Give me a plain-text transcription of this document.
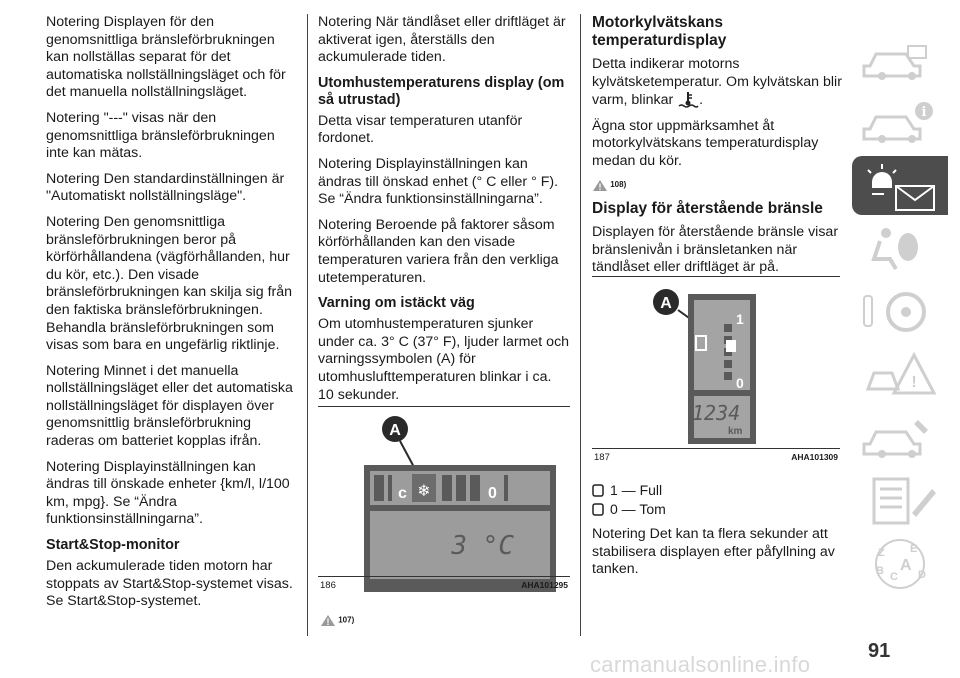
Notering Displayen för den genomsnittliga bränsleförbrukningen kan nollställas separat för det automatiska nollställningsläget och för det manuella nollställningsläget.

Notering "---" visas när den genomsnittliga bränsleförbrukningen inte kan mätas.

Notering Den standardinställningen är "Automatiskt nollställningsläge".

Notering Den genomsnittliga bränsleförbrukningen beror på körförhållandena (vägförhållanden, hur du kör, etc.). Den visade bränsleförbrukningen kan skilja sig från den faktiska bränsleförbrukningen. Behandla bränsleförbrukningen som visas som bara en ungefärlig riktlinje.

Notering Minnet i det manuella nollställningsläget eller det automatiska nollställningsläget för displayen över genomsnittlig bränsleförbrukning raderas om batteriet kopplas ifrån.

Notering Displayinställningen kan ändras till önskade enheter {km/l, l/100 km, mpg}. Se “Ändra funktionsinställningarna”.

Start&Stop-monitor

Den ackumulerade tiden motorn har stoppats av Start&Stop-systemet visas. Se Start&Stop-systemet.

Notering När tändlåset eller driftläget är aktiverat igen, återställs den ackumulerade tiden.

Utomhustemperaturens display (om så utrustad)

Detta visar temperaturen utanför fordonet.

Notering Displayinställningen kan ändras till önskad enhet (° C eller ° F). Se “Ändra funktionsinställningarna”.

Notering Beroende på faktorer såsom körförhållanden kan den visade temperaturen variera från den verkliga utetemperaturen.

Varning om istäckt väg

Om utomhustemperaturen sjunker under ca. 3° C (37° F), ljuder larmet och varningssymbolen (A) för utomhuslufttemperaturen blinkar i ca. 10 sekunder.

A
c ❄	0
3 °C
186	AHA101295
! 107)
Motorkylvätskans temperaturdisplay

Detta indikerar motorns kylvätsketemperatur. Om kylvätskan blir varm, blinkar .

Ägna stor uppmärksamhet åt motorkylvätskans temperaturdisplay medan du kör.

! 108)
Display för återstående bränsle

Displayen för återstående bränsle visar bränslenivån i bränsletanken när tändlåset eller driftläget är på.

A
1
0
1234
km
187	AHA101309
1 — Full
0 — Tom

Notering Det kan ta flera sekunder att stabilisera displayen efter påfyllning av tanken.

i
!
Z E
B A
C D
carmanualsonline.info
91
